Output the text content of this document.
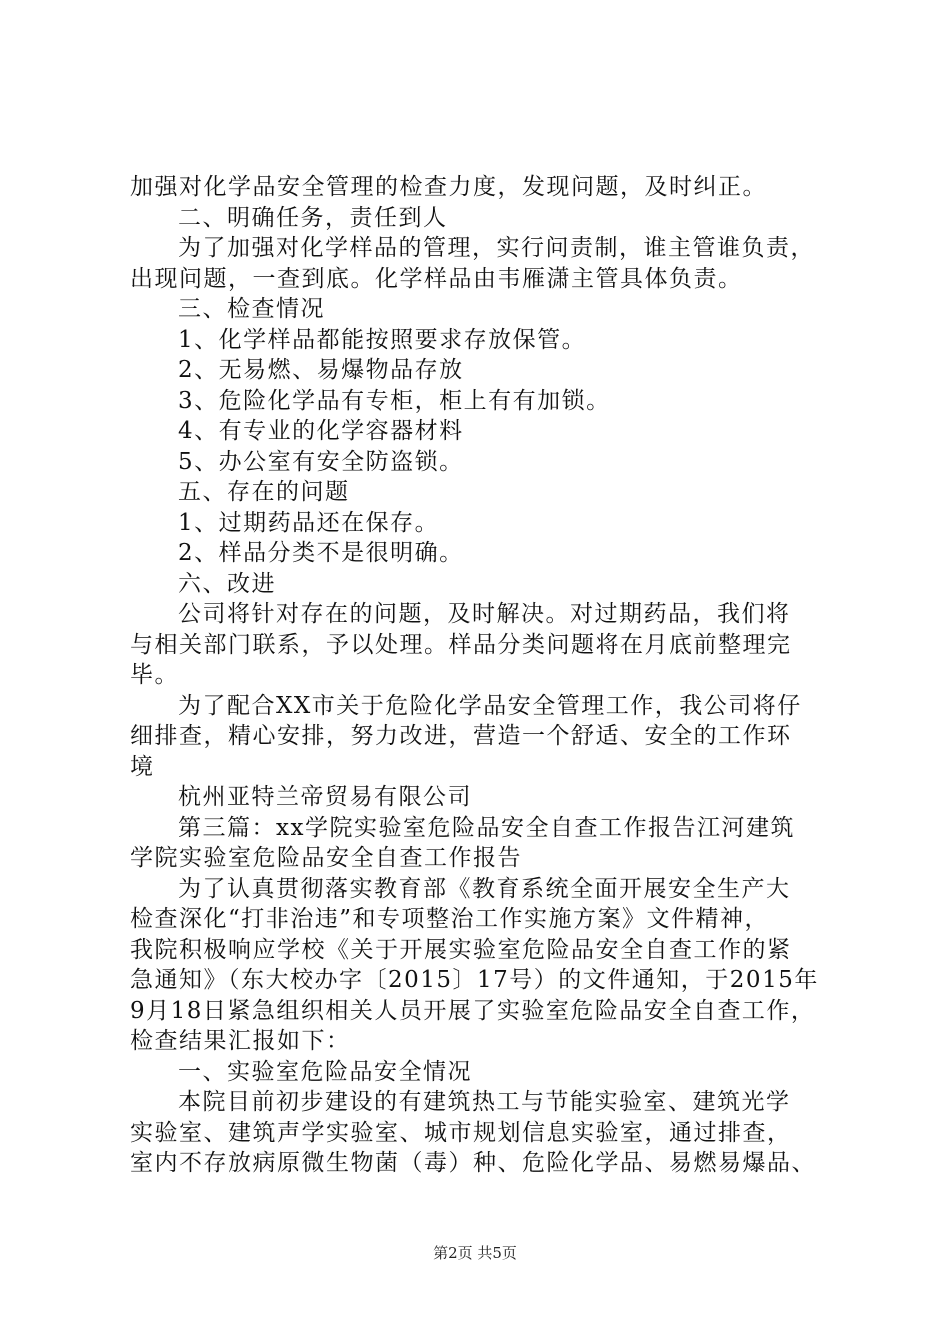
加强对化学品安全管理的检查力度，发现问题，及时纠正。
二、明确任务，责任到人
为了加强对化学样品的管理，实行问责制，谁主管谁负责，
出现问题，一查到底。化学样品由韦雁潇主管具体负责。
三、检查情况
1、化学样品都能按照要求存放保管。
2、无易燃、易爆物品存放
3、危险化学品有专柜，柜上有有加锁。
4、有专业的化学容器材料
5、办公室有安全防盗锁。
五、存在的问题
1、过期药品还在保存。
2、样品分类不是很明确。
六、改进
公司将针对存在的问题，及时解决。对过期药品，我们将
与相关部门联系，予以处理。样品分类问题将在月底前整理完
毕。
为了配合XX市关于危险化学品安全管理工作，我公司将仔
细排查，精心安排，努力改进，营造一个舒适、安全的工作环
境
杭州亚特兰帝贸易有限公司
第三篇：xx学院实验室危险品安全自查工作报告江河建筑
学院实验室危险品安全自查工作报告
为了认真贯彻落实教育部《教育系统全面开展安全生产大
检查深化“打非治违”和专项整治工作实施方案》文件精神，
我院积极响应学校《关于开展实验室危险品安全自查工作的紧
急通知》（东大校办字〔2015〕17号）的文件通知，于2015年
9月18日紧急组织相关人员开展了实验室危险品安全自查工作，
检查结果汇报如下：
一、实验室危险品安全情况
本院目前初步建设的有建筑热工与节能实验室、建筑光学
实验室、建筑声学实验室、城市规划信息实验室，通过排查，
室内不存放病原微生物菌（毒）种、危险化学品、易燃易爆品、
第2页 共5页
